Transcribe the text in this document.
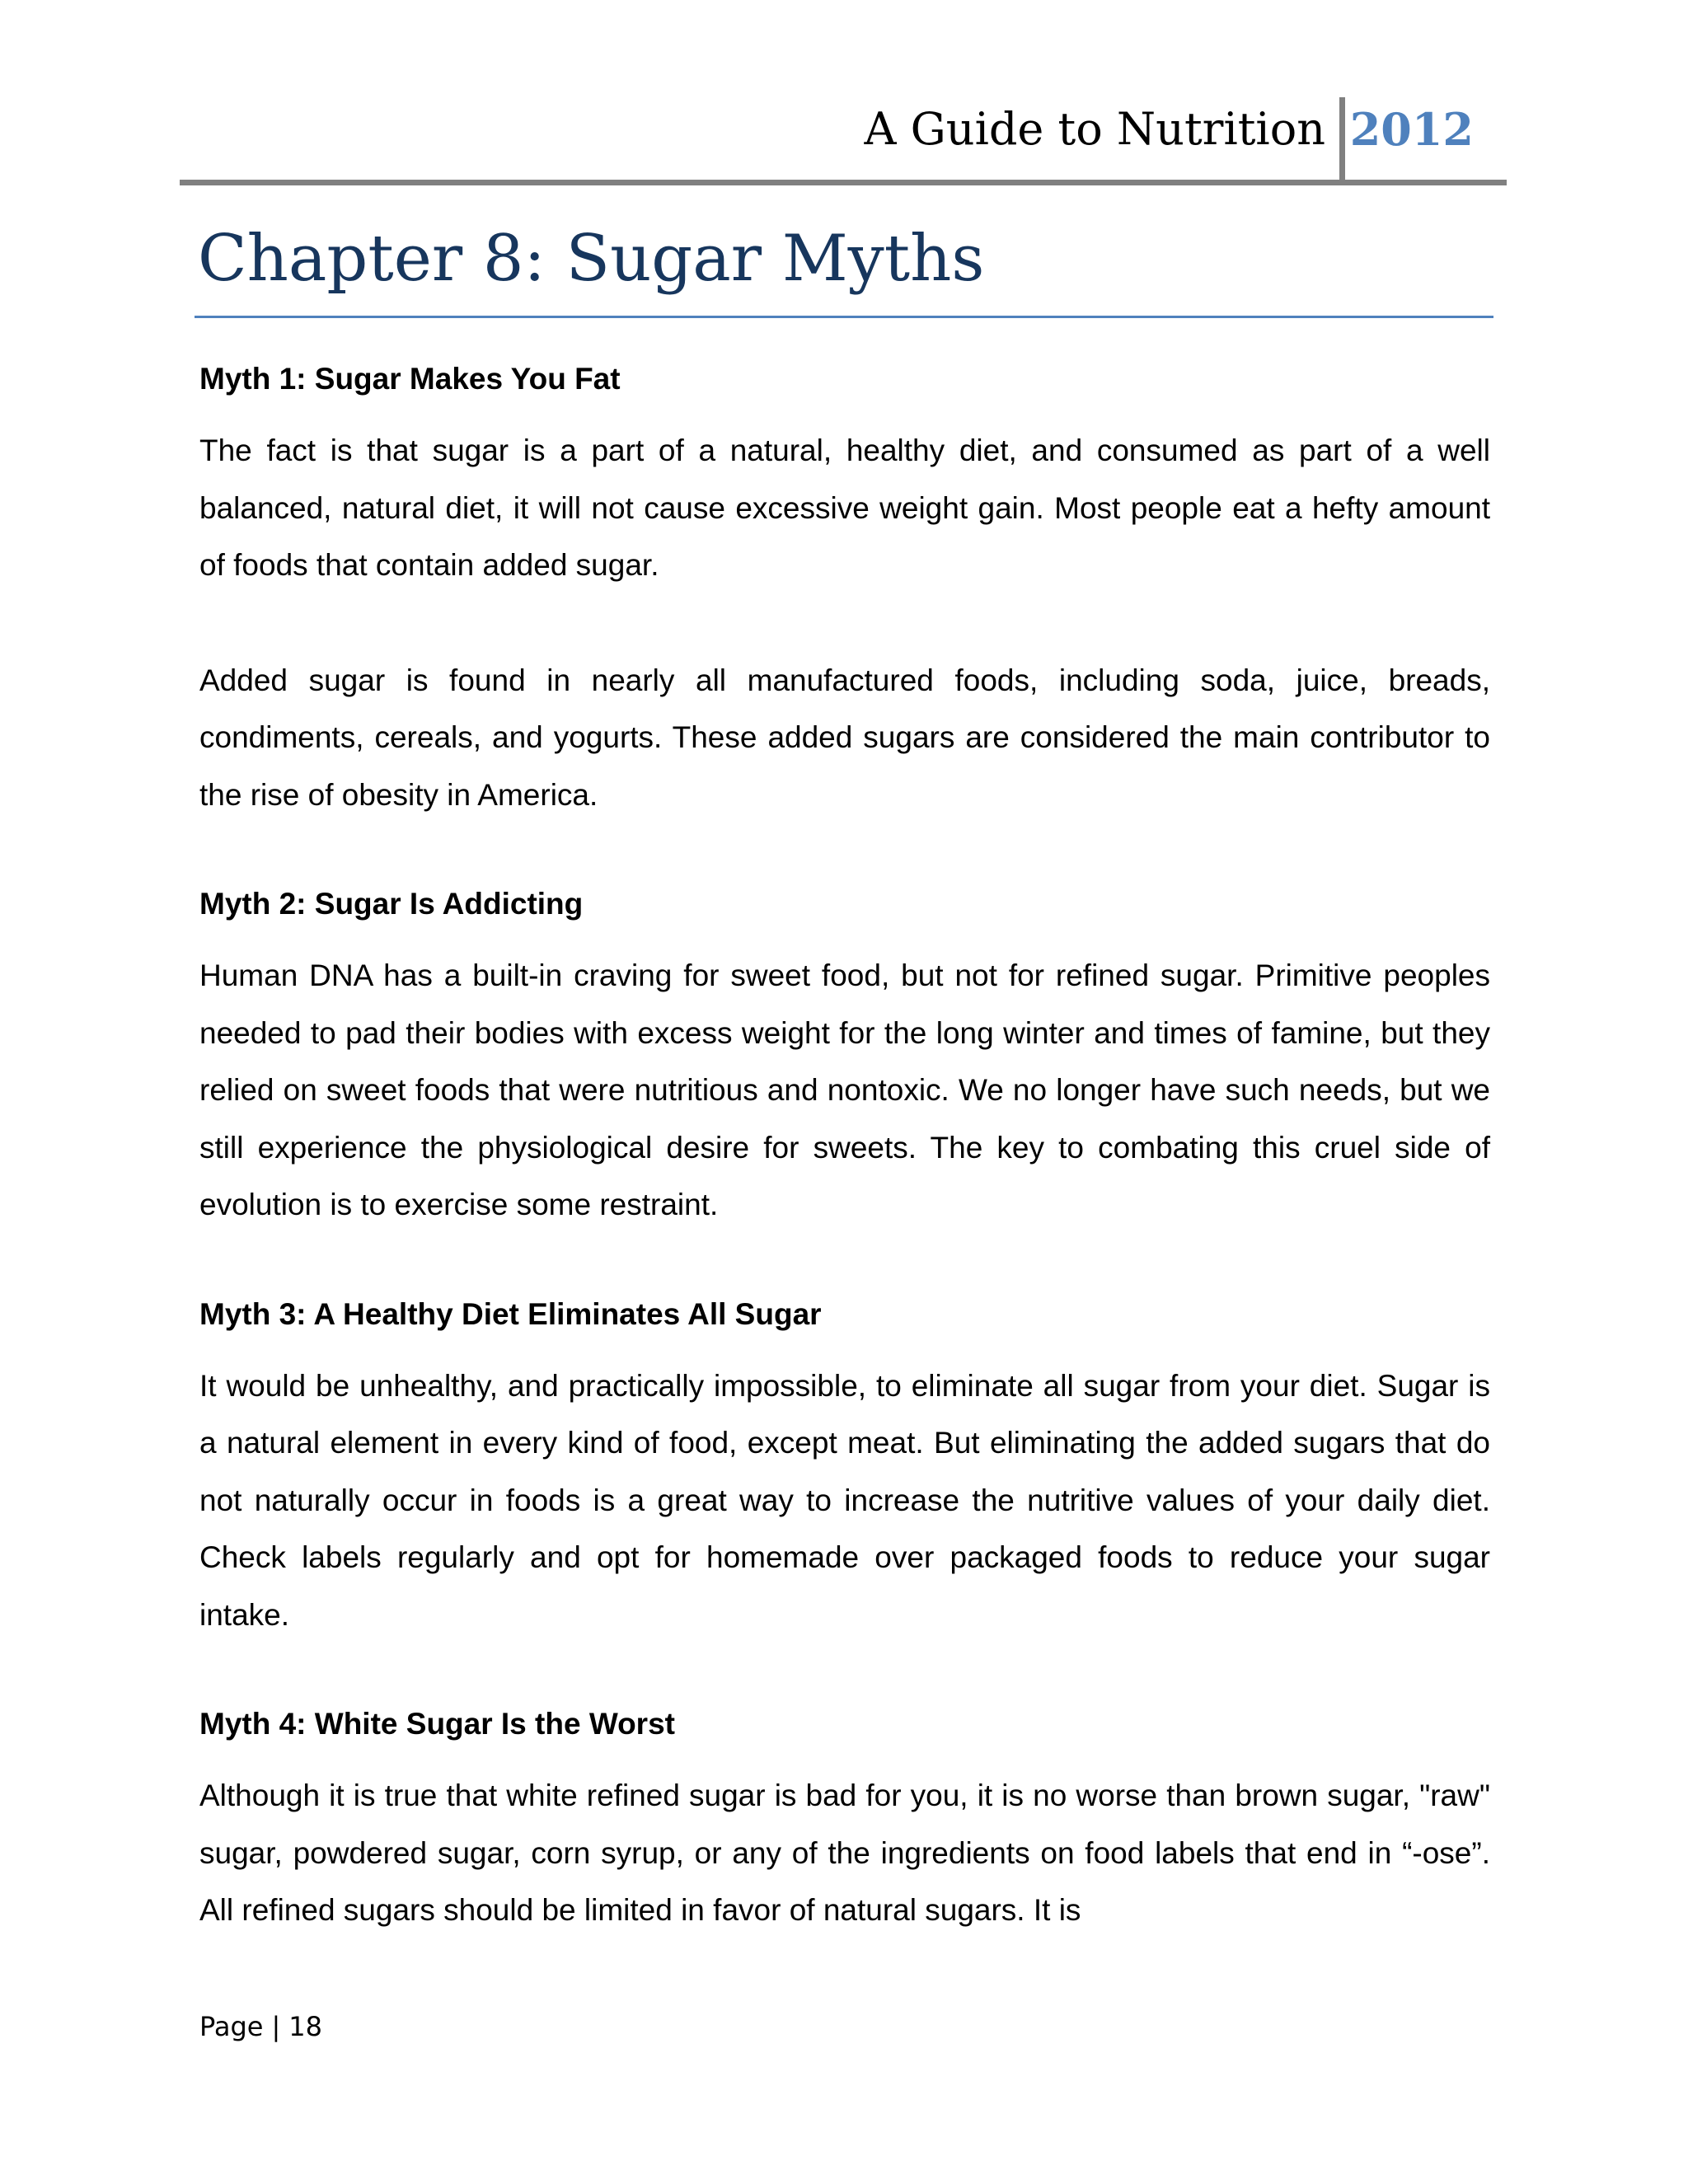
A Guide to Nutrition 2012
Chapter 8: Sugar Myths
Myth 1: Sugar Makes You Fat

The fact is that sugar is a part of a natural, healthy diet, and consumed as part of a well balanced, natural diet, it will not cause excessive weight gain. Most people eat a hefty amount of foods that contain added sugar.

Added sugar is found in nearly all manufactured foods, including soda, juice, breads, condiments, cereals, and yogurts. These added sugars are considered the main contributor to the rise of obesity in America.

Myth 2: Sugar Is Addicting

Human DNA has a built-in craving for sweet food, but not for refined sugar. Primitive peoples needed to pad their bodies with excess weight for the long winter and times of famine, but they relied on sweet foods that were nutritious and nontoxic. We no longer have such needs, but we still experience the physiological desire for sweets. The key to combating this cruel side of evolution is to exercise some restraint.

Myth 3: A Healthy Diet Eliminates All Sugar

It would be unhealthy, and practically impossible, to eliminate all sugar from your diet. Sugar is a natural element in every kind of food, except meat. But eliminating the added sugars that do not naturally occur in foods is a great way to increase the nutritive values of your daily diet. Check labels regularly and opt for homemade over packaged foods to reduce your sugar intake.

Myth 4: White Sugar Is the Worst

Although it is true that white refined sugar is bad for you, it is no worse than brown sugar, "raw" sugar, powdered sugar, corn syrup, or any of the ingredients on food labels that end in “-ose”. All refined sugars should be limited in favor of natural sugars. It is

Page | 18
